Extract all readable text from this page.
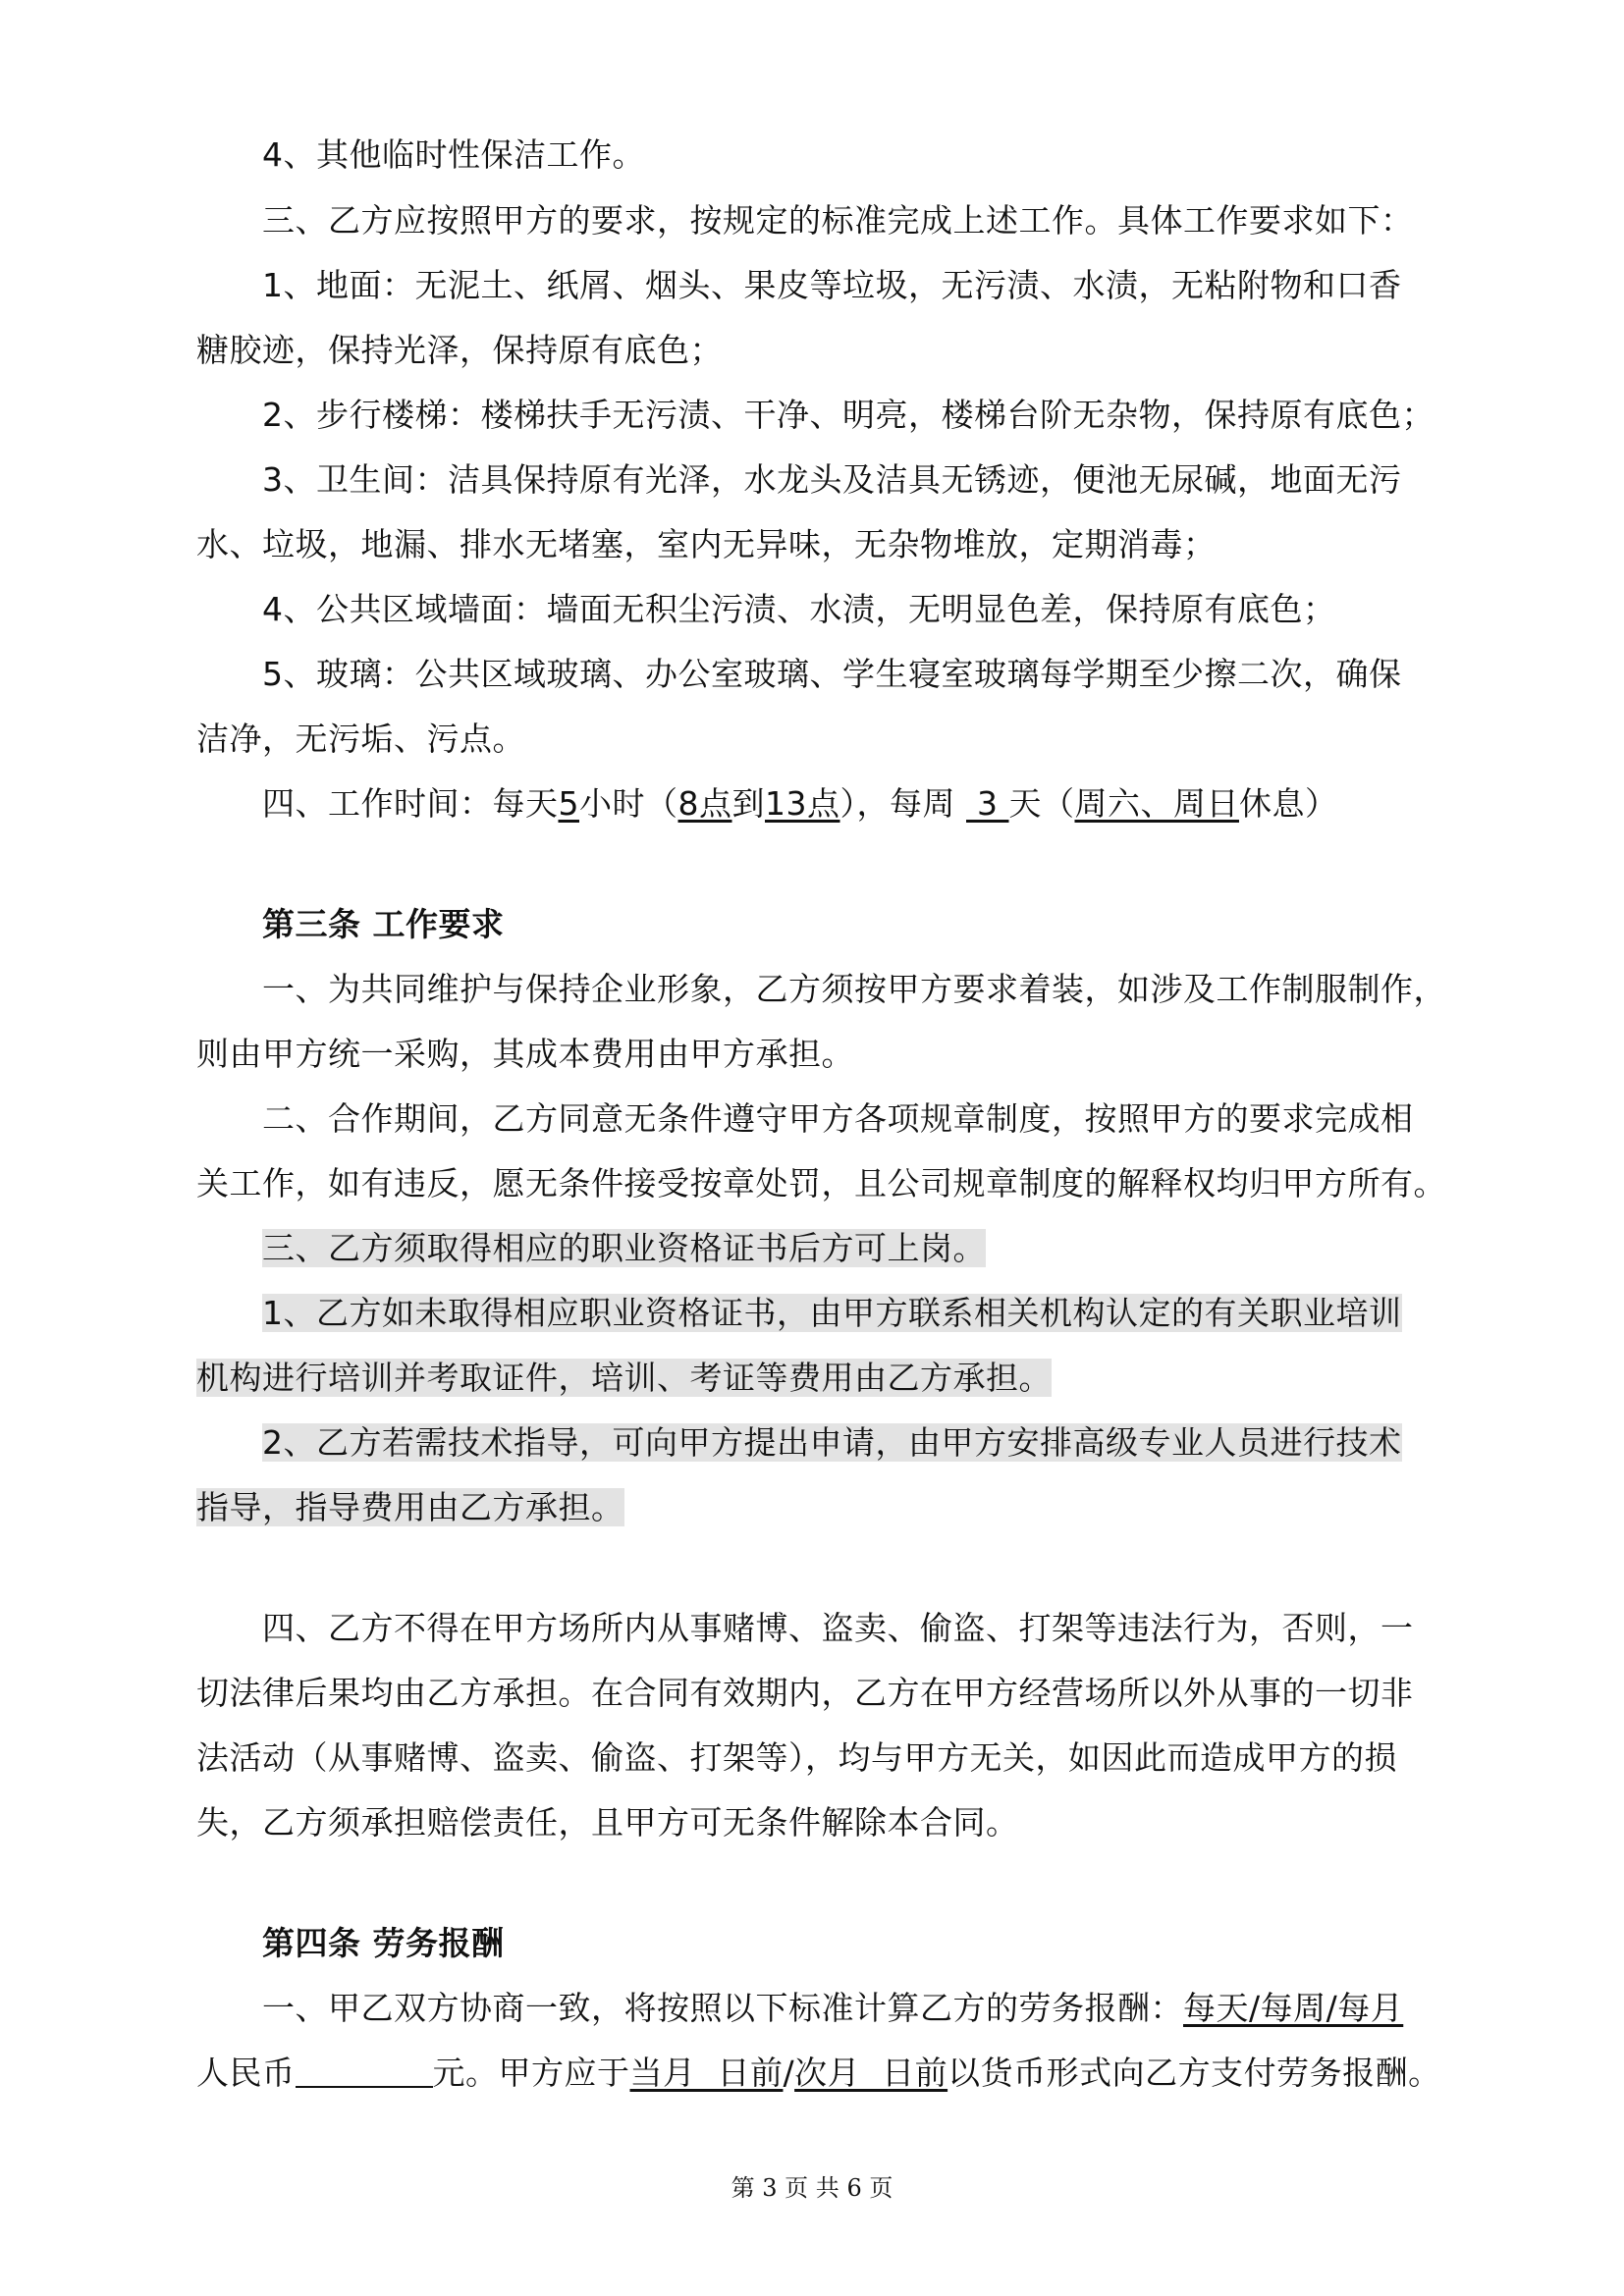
4、其他临时性保洁工作。
三、乙方应按照甲方的要求，按规定的标准完成上述工作。具体工作要求如下：
1、地面：无泥土、纸屑、烟头、果皮等垃圾，无污渍、水渍，无粘附物和口香
糖胶迹，保持光泽，保持原有底色；
2、步行楼梯：楼梯扶手无污渍、干净、明亮，楼梯台阶无杂物，保持原有底色；
3、卫生间：洁具保持原有光泽，水龙头及洁具无锈迹，便池无尿碱，地面无污
水、垃圾，地漏、排水无堵塞，室内无异味，无杂物堆放，定期消毒；
4、公共区域墙面：墙面无积尘污渍、水渍，无明显色差，保持原有底色；
5、玻璃：公共区域玻璃、办公室玻璃、学生寝室玻璃每学期至少擦二次，确保
洁净，无污垢、污点。
四、工作时间：每天5小时（8点到13点），每周  3 天（周六、周日休息）
第三条 工作要求
一、为共同维护与保持企业形象，乙方须按甲方要求着装，如涉及工作制服制作，
则由甲方统一采购，其成本费用由甲方承担。
二、合作期间，乙方同意无条件遵守甲方各项规章制度，按照甲方的要求完成相
关工作，如有违反，愿无条件接受按章处罚，且公司规章制度的解释权均归甲方所有。
三、乙方须取得相应的职业资格证书后方可上岗。
1、乙方如未取得相应职业资格证书，由甲方联系相关机构认定的有关职业培训
机构进行培训并考取证件，培训、考证等费用由乙方承担。
2、乙方若需技术指导，可向甲方提出申请，由甲方安排高级专业人员进行技术
指导，指导费用由乙方承担。
四、乙方不得在甲方场所内从事赌博、盗卖、偷盗、打架等违法行为，否则，一
切法律后果均由乙方承担。在合同有效期内，乙方在甲方经营场所以外从事的一切非
法活动（从事赌博、盗卖、偷盗、打架等），均与甲方无关，如因此而造成甲方的损
失，乙方须承担赔偿责任，且甲方可无条件解除本合同。
第四条 劳务报酬
一、甲乙双方协商一致，将按照以下标准计算乙方的劳务报酬：每天/每周/每月
人民币	元。甲方应于当月  日前/次月  日前以货币形式向乙方支付劳务报酬。
第 3 页 共 6 页
